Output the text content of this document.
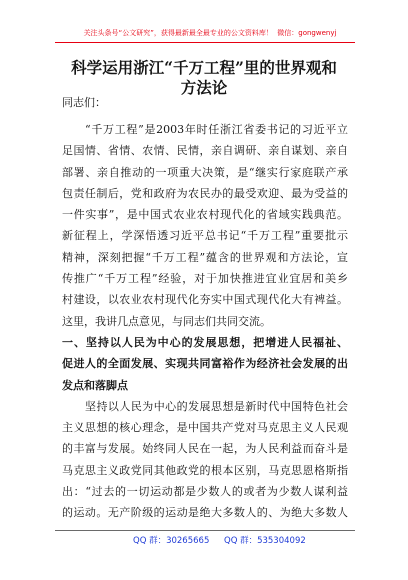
关注头条号“公文研究”，获得最新最全最专业的公文资料库！  微信：gongwenyj
科学运用浙江“千万工程”里的世界观和
方法论
同志们：
“千万工程”是2003年时任浙江省委书记的习近平立
足国情、省情、农情、民情，亲自调研、亲自谋划、亲自
部署、亲自推动的一项重大决策，是“继实行家庭联产承
包责任制后，党和政府为农民办的最受欢迎、最为受益的
一件实事”，是中国式农业农村现代化的省域实践典范。
新征程上，学深悟透习近平总书记“千万工程”重要批示
精神，深刻把握“千万工程”蕴含的世界观和方法论，宣
传推广“千万工程”经验，对于加快推进宜业宜居和美乡
村建设，以农业农村现代化夯实中国式现代化大有裨益。
这里，我讲几点意见，与同志们共同交流。
一、坚持以人民为中心的发展思想，把增进人民福祉、
促进人的全面发展、实现共同富裕作为经济社会发展的出
发点和落脚点
坚持以人民为中心的发展思想是新时代中国特色社会
主义思想的核心理念，是中国共产党对马克思主义人民观
的丰富与发展。始终同人民在一起，为人民利益而奋斗是
马克思主义政党同其他政党的根本区别，马克思恩格斯指
出：“过去的一切运动都是少数人的或者为少数人谋利益
的运动。无产阶级的运动是绝大多数人的、为绝大多数人
QQ 群：30265665 QQ 群：535304092
